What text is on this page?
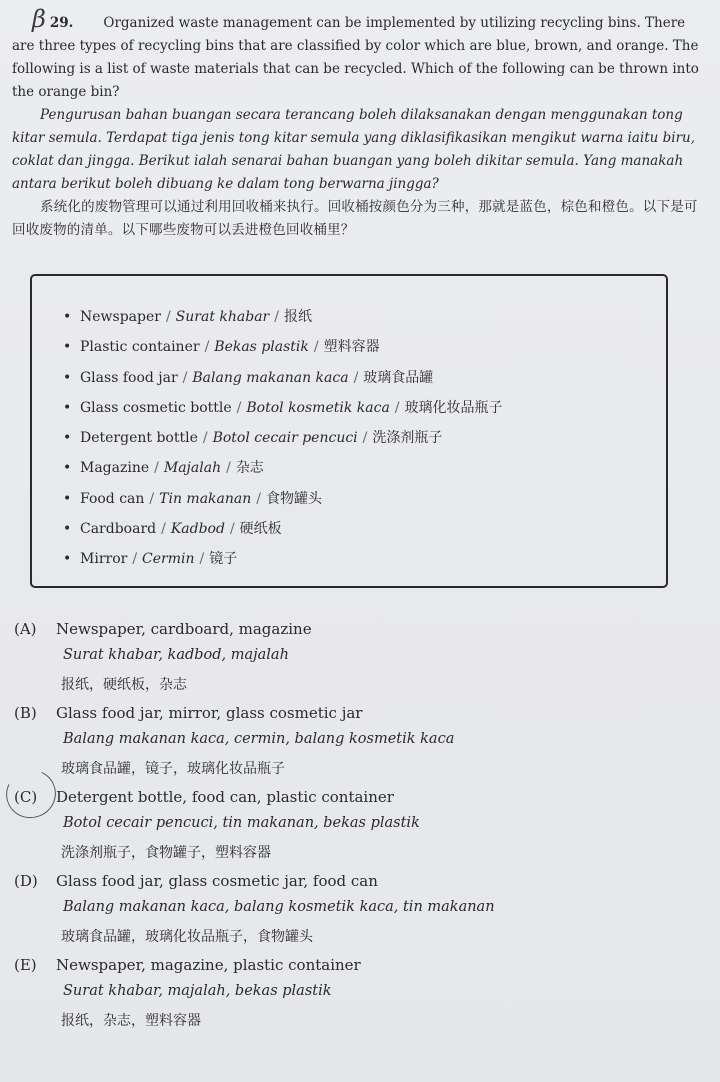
β 29. Organized waste management can be implemented by utilizing recycling bins. There are three types of recycling bins that are classified by color which are blue, brown, and orange. The following is a list of waste materials that can be recycled. Which of the following can be thrown into the orange bin?

Pengurusan bahan buangan secara terancang boleh dilaksanakan dengan menggunakan tong kitar semula. Terdapat tiga jenis tong kitar semula yang diklasifikasikan mengikut warna iaitu biru, coklat dan jingga. Berikut ialah senarai bahan buangan yang boleh dikitar semula. Yang manakah antara berikut boleh dibuang ke dalam tong berwarna jingga?

系统化的废物管理可以通过利用回收桶来执行。回收桶按颜色分为三种，那就是蓝色，棕色和橙色。以下是可回收废物的清单。以下哪些废物可以丢进橙色回收桶里？

• Newspaper / Surat khabar / 报纸
• Plastic container / Bekas plastik / 塑料容器
• Glass food jar / Balang makanan kaca / 玻璃食品罐
• Glass cosmetic bottle / Botol kosmetik kaca / 玻璃化妆品瓶子
• Detergent bottle / Botol cecair pencuci / 洗涤剂瓶子
• Magazine / Majalah / 杂志
• Food can / Tin makanan / 食物罐头
• Cardboard / Kadbod / 硬纸板
• Mirror / Cermin / 镜子
(A) Newspaper, cardboard, magazine
Surat khabar, kadbod, majalah
报纸，硬纸板，杂志
(B) Glass food jar, mirror, glass cosmetic jar
Balang makanan kaca, cermin, balang kosmetik kaca
玻璃食品罐，镜子，玻璃化妆品瓶子
(C) Detergent bottle, food can, plastic container
Botol cecair pencuci, tin makanan, bekas plastik
洗涤剂瓶子，食物罐子，塑料容器
(D) Glass food jar, glass cosmetic jar, food can
Balang makanan kaca, balang kosmetik kaca, tin makanan
玻璃食品罐，玻璃化妆品瓶子，食物罐头
(E) Newspaper, magazine, plastic container
Surat khabar, majalah, bekas plastik
报纸，杂志，塑料容器
